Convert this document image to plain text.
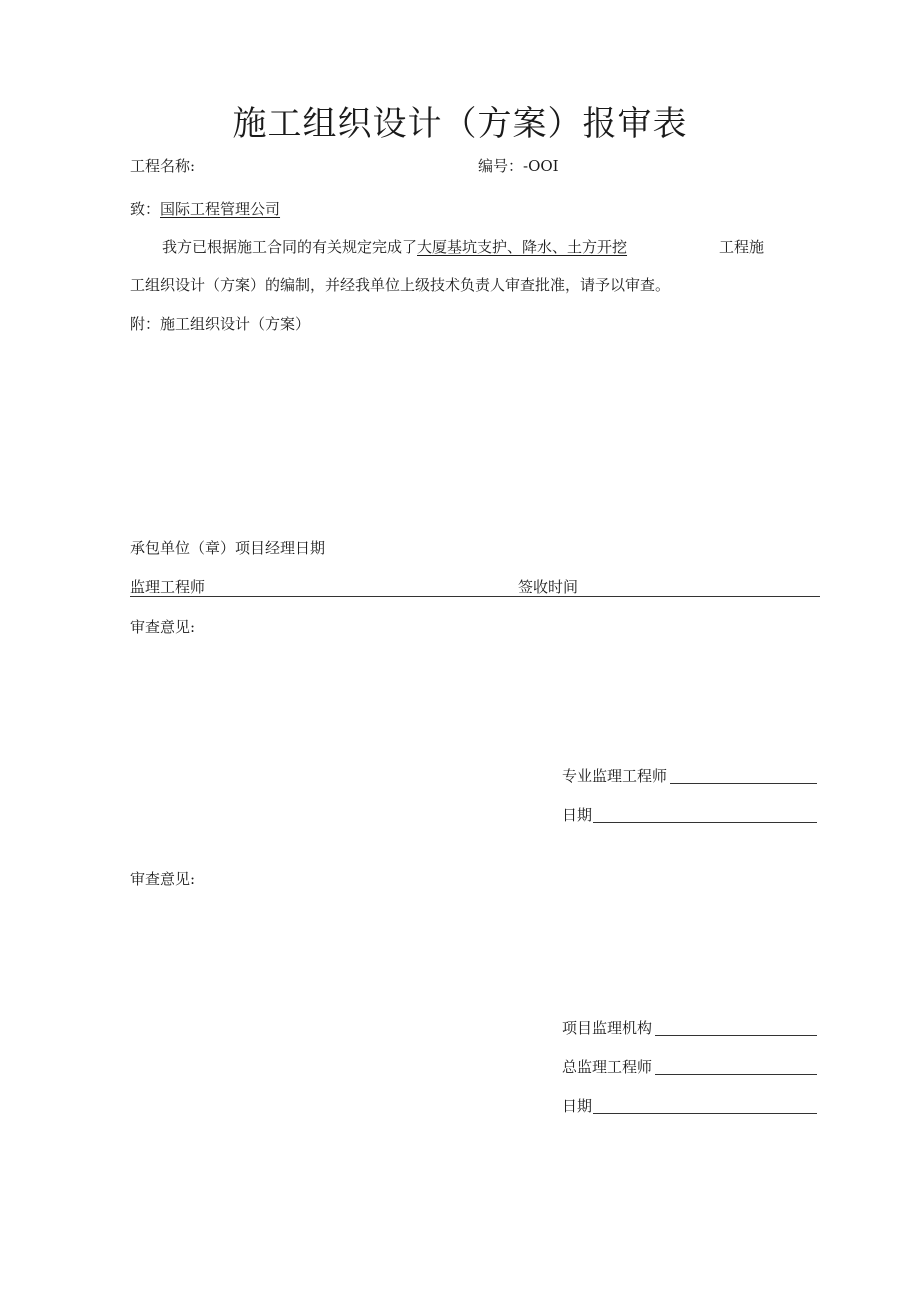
施工组织设计（方案）报审表
工程名称:	编号：-OOI
致：国际工程管理公司
我方已根据施工合同的有关规定完成了大厦基坑支护、降水、土方开挖	工程施
工组织设计（方案）的编制，并经我单位上级技术负责人审查批准，请予以审查。
附：施工组织设计（方案）
承包单位（章）项目经理日期
监理工程师	签收时间
审查意见:
专业监理工程师
日期
审查意见:
项目监理机构
总监理工程师
日期
